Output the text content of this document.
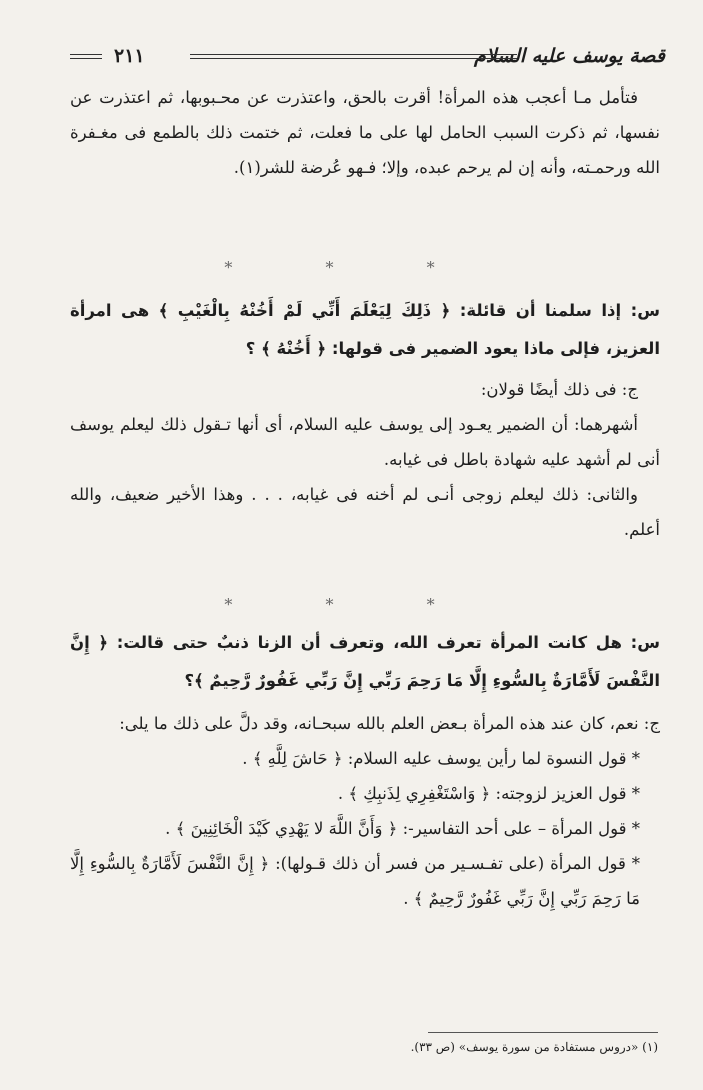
قصة يوسف عليه السلام
٢١١

فتأمل مـا أعجب هذه المرأة! أقرت بالحق، واعتذرت عن محـبوبها، ثم اعتذرت عن نفسها، ثم ذكرت السبب الحامل لها على ما فعلت، ثم ختمت ذلك بالطمع فى مغـفرة الله ورحمـته، وأنه إن لم يرحم عبده، وإلا؛ فـهو عُرضة للشر(١).

* * *

س: إذا سلمنا أن قائلة: ﴿ ذَلِكَ لِيَعْلَمَ أَنِّي لَمْ أَخُنْهُ بِالْغَيْبِ ﴾ هى امرأة العزيز، فإلى ماذا يعود الضمير فى قولها: ﴿ أَخُنْهُ ﴾ ؟

ج: فى ذلك أيضًا قولان:

أشهرهما: أن الضمير يعـود إلى يوسف عليه السلام، أى أنها تـقول ذلك ليعلم يوسف أنى لم أشهد عليه شهادة باطل فى غيابه.

والثانى: ذلك ليعلم زوجى أنـى لم أخنه فى غيابه، . . . وهذا الأخير ضعيف، والله أعلم.

* * *

س: هل كانت المرأة تعرف الله، وتعرف أن الزنا ذنبٌ حتى قالت: ﴿ إِنَّ النَّفْسَ لَأَمَّارَةٌ بِالسُّوءِ إِلَّا مَا رَحِمَ رَبِّي إِنَّ رَبِّي غَفُورٌ رَّحِيمٌ ﴾؟

ج: نعم، كان عند هذه المرأة بـعض العلم بالله سبحـانه، وقد دلَّ على ذلك ما يلى:

* قول النسوة لما رأين يوسف عليه السلام: ﴿ حَاشَ لِلَّهِ ﴾ .

* قول العزيز لزوجته: ﴿ وَاسْتَغْفِرِي لِذَنبِكِ ﴾ .

* قول المرأة – على أحد التفاسير-: ﴿ وَأَنَّ اللَّهَ لا يَهْدِي كَيْدَ الْخَائِنِينَ ﴾ .

* قول المرأة (على تفـسـير من فسر أن ذلك قـولها): ﴿ إِنَّ النَّفْسَ لَأَمَّارَةٌ بِالسُّوءِ إِلَّا مَا رَحِمَ رَبِّي إِنَّ رَبِّي غَفُورٌ رَّحِيمٌ ﴾ .

(١) «دروس مستفادة من سورة يوسف» (ص ٣٣).
